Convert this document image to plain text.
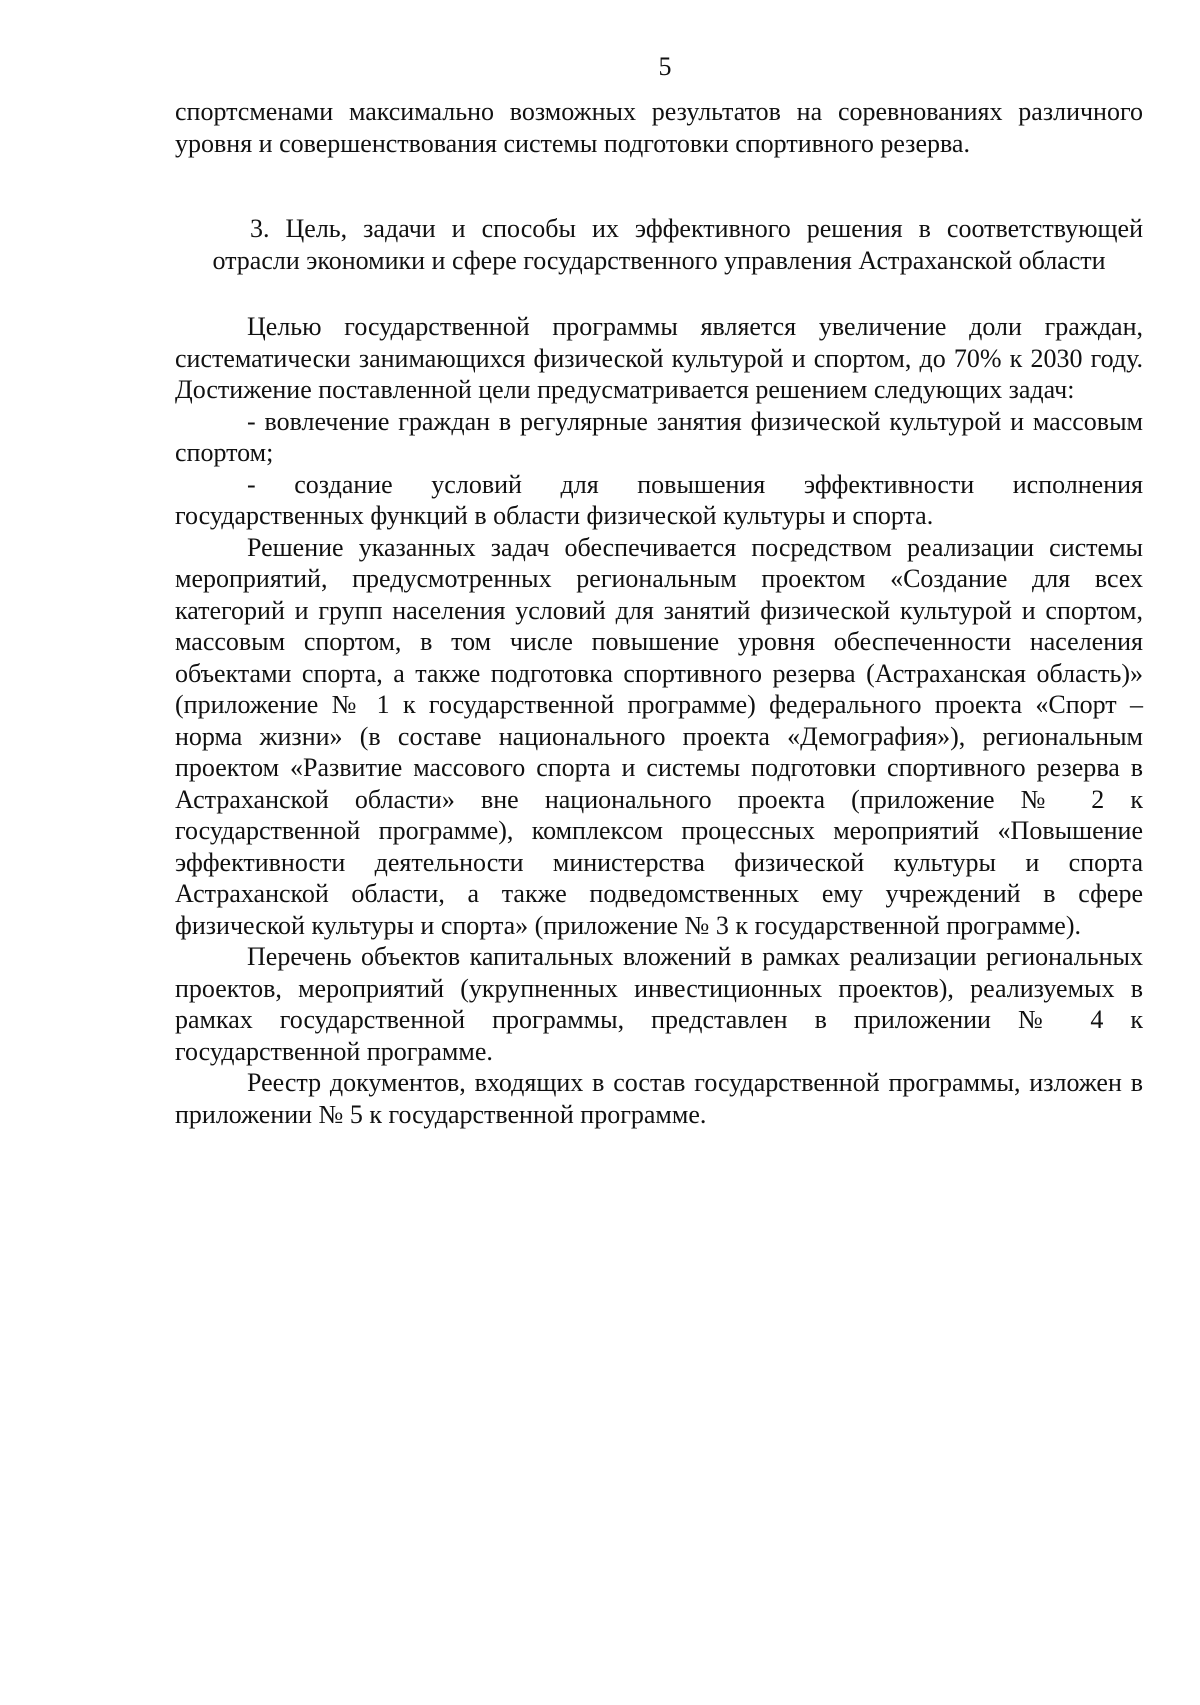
5

спортсменами максимально возможных результатов на соревнованиях различного уровня и совершенствования системы подготовки спортивного резерва.

3. Цель, задачи и способы их эффективного решения в соответствующей отрасли экономики и сфере государственного управления Астраханской области

Целью государственной программы является увеличение доли граждан, систематически занимающихся физической культурой и спортом, до 70% к 2030 году. Достижение поставленной цели предусматривается решением следующих задач:

- вовлечение граждан в регулярные занятия физической культурой и массовым спортом;

- создание условий для повышения эффективности исполнения государственных функций в области физической культуры и спорта.

Решение указанных задач обеспечивается посредством реализации системы мероприятий, предусмотренных региональным проектом «Создание для всех категорий и групп населения условий для занятий физической культурой и спортом, массовым спортом, в том числе повышение уровня обеспеченности населения объектами спорта, а также подготовка спортивного резерва (Астраханская область)» (приложение № 1 к государственной программе) федерального проекта «Спорт – норма жизни» (в составе национального проекта «Демография»), региональным проектом «Развитие массового спорта и системы подготовки спортивного резерва в Астраханской области» вне национального проекта (приложение № 2 к государственной программе), комплексом процессных мероприятий «Повышение эффективности деятельности министерства физической культуры и спорта Астраханской области, а также подведомственных ему учреждений в сфере физической культуры и спорта» (приложение № 3 к государственной программе).

Перечень объектов капитальных вложений в рамках реализации региональных проектов, мероприятий (укрупненных инвестиционных проектов), реализуемых в рамках государственной программы, представлен в приложении № 4 к государственной программе.

Реестр документов, входящих в состав государственной программы, изложен в приложении № 5 к государственной программе.
